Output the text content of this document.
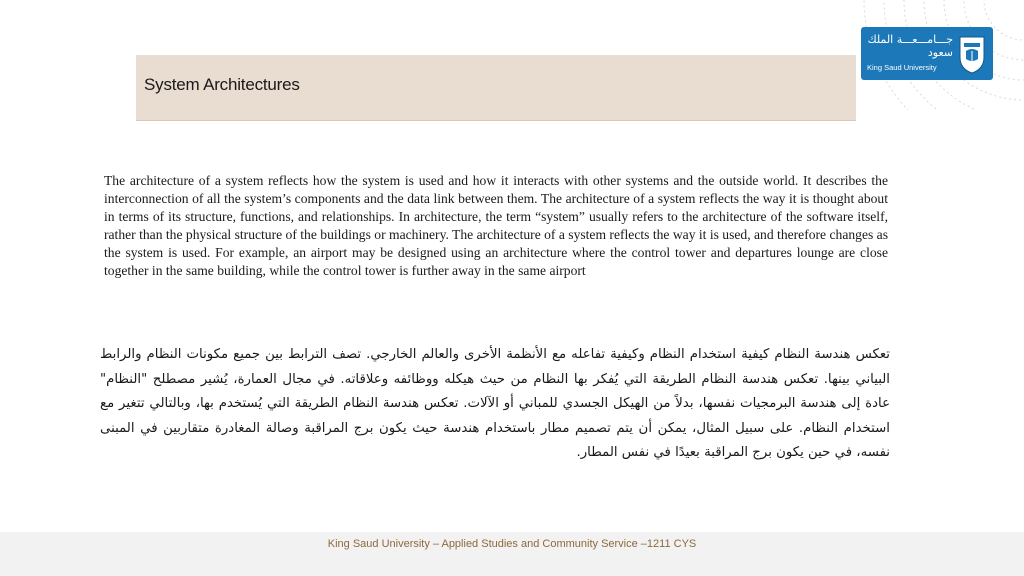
System Architectures
جـــامـــعـــة الملك سعود
King Saud University

The architecture of a system reflects how the system is used and how it interacts with other systems and the outside world. It describes the interconnection of all the system’s components and the data link between them. The architecture of a system reflects the way it is thought about in terms of its structure, functions, and relationships. In architecture, the term “system” usually refers to the architecture of the software itself, rather than the physical structure of the buildings or machinery. The architecture of a system reflects the way it is used, and therefore changes as the system is used. For example, an airport may be designed using an architecture where the control tower and departures lounge are close together in the same building, while the control tower is further away in the same airport

تعكس هندسة النظام كيفية استخدام النظام وكيفية تفاعله مع الأنظمة الأخرى والعالم الخارجي. تصف الترابط بين جميع مكونات النظام والرابط البياني بينها. تعكس هندسة النظام الطريقة التي يُفكر بها النظام من حيث هيكله ووظائفه وعلاقاته. في مجال العمارة، يُشير مصطلح "النظام" عادة إلى هندسة البرمجيات نفسها، بدلاً من الهيكل الجسدي للمباني أو الآلات. تعكس هندسة النظام الطريقة التي يُستخدم بها، وبالتالي تتغير مع استخدام النظام. على سبيل المثال، يمكن أن يتم تصميم مطار باستخدام هندسة حيث يكون برج المراقبة وصالة المغادرة متقاربين في المبنى نفسه، في حين يكون برج المراقبة بعيدًا في نفس المطار.

King Saud University – Applied Studies and Community Service –1211 CYS
